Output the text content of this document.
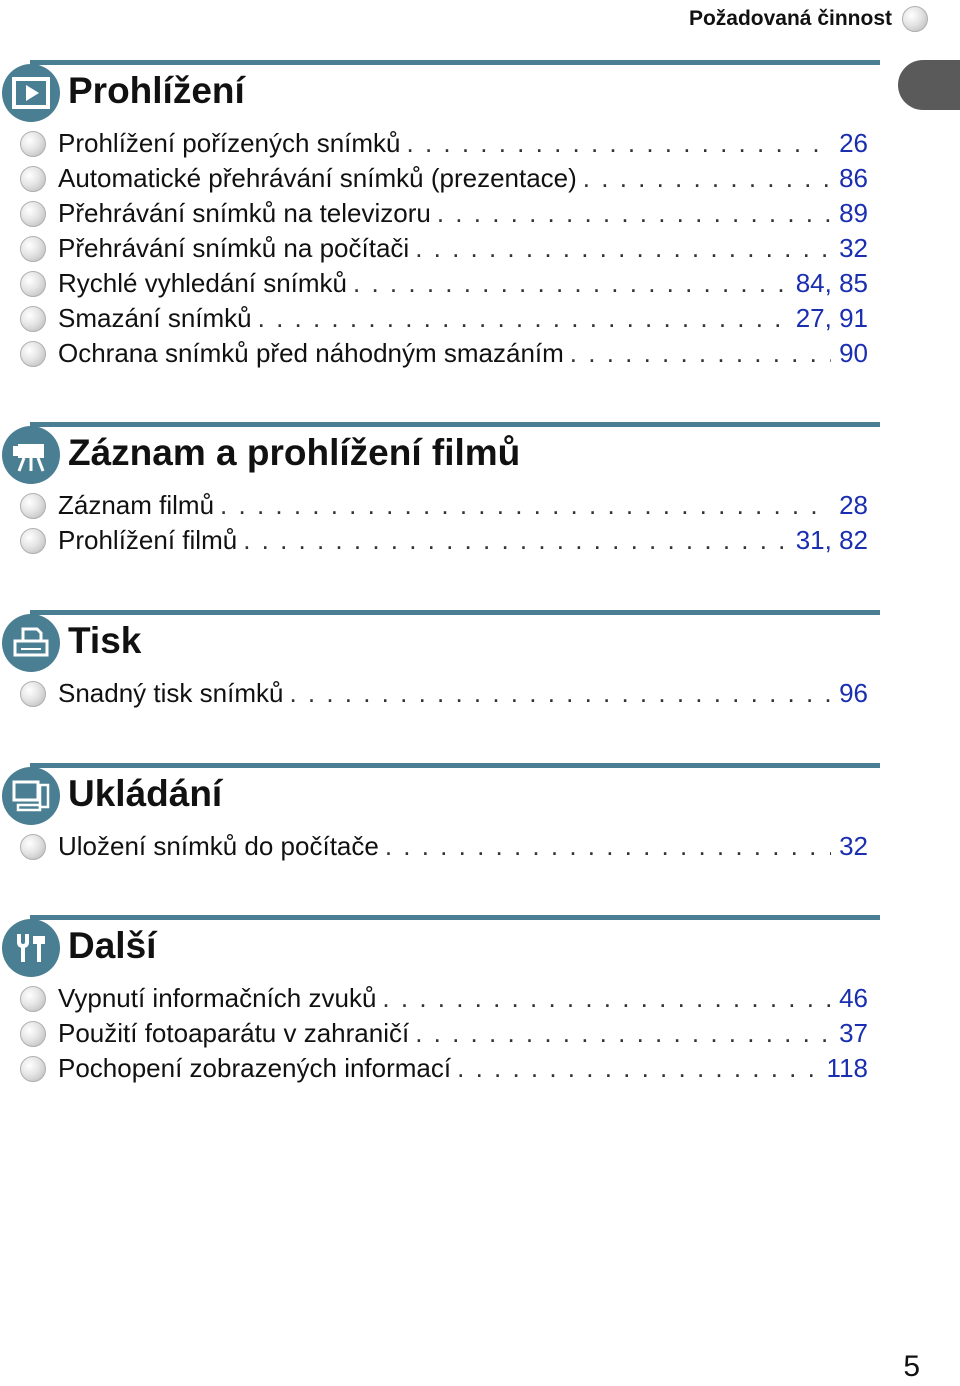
Požadovaná činnost
Prohlížení
Prohlížení pořízených snímků . . .	26
Automatické přehrávání snímků (prezentace) . . .	86
Přehrávání snímků na televizoru . . .	89
Přehrávání snímků na počítači . . .	32
Rychlé vyhledání snímků . . .	84, 85
Smazání snímků . . .	27, 91
Ochrana snímků před náhodným smazáním . . .	90
Záznam a prohlížení filmů
Záznam filmů . . .	28
Prohlížení filmů . . .	31, 82
Tisk
Snadný tisk snímků . . .	96
Ukládání
Uložení snímků do počítače . . .	32
Další
Vypnutí informačních zvuků . . .	46
Použití fotoaparátu v zahraničí . . .	37
Pochopení zobrazených informací . . .	118
5
